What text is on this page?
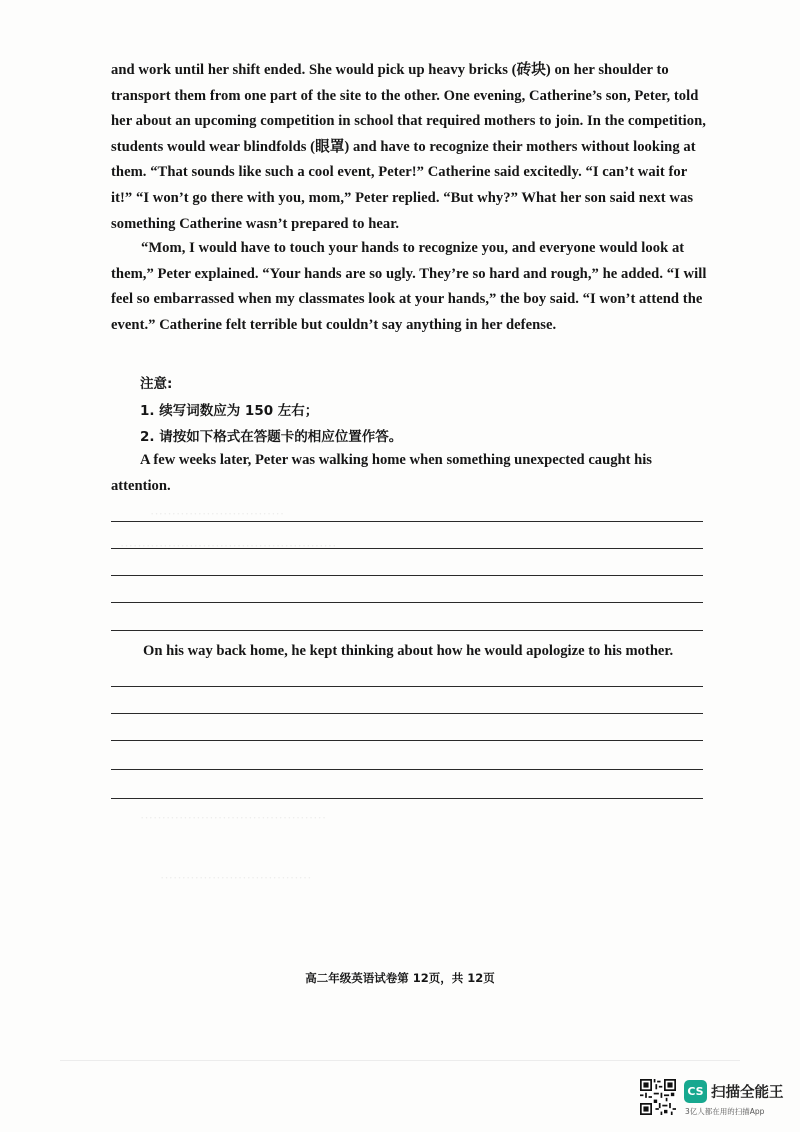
·······························
··················································
···········································
···································
and work until her shift ended. She would pick up heavy bricks (砖块) on her shoulder to
transport them from one part of the site to the other. One evening, Catherine’s son, Peter, told
her about an upcoming competition in school that required mothers to join. In the competition,
students would wear blindfolds (眼罩) and have to recognize their mothers without looking at
them. “That sounds like such a cool event, Peter!” Catherine said excitedly. “I can’t wait for
it!” “I won’t go there with you, mom,” Peter replied. “But why?” What her son said next was
something Catherine wasn’t prepared to hear.
“Mom, I would have to touch your hands to recognize you, and everyone would look at
them,” Peter explained. “Your hands are so ugly. They’re so hard and rough,” he added. “I will
feel so embarrassed when my classmates look at your hands,” the boy said. “I won’t attend the
event.” Catherine felt terrible but couldn’t say anything in her defense.
注意:
1. 续写词数应为 150 左右；
2. 请按如下格式在答题卡的相应位置作答。
A few weeks later, Peter was walking home when something unexpected caught his
attention.
On his way back home, he kept thinking about how he would apologize to his mother.
高二年级英语试卷第 12页，共 12页
CS 扫描全能王
3亿人都在用的扫描App
